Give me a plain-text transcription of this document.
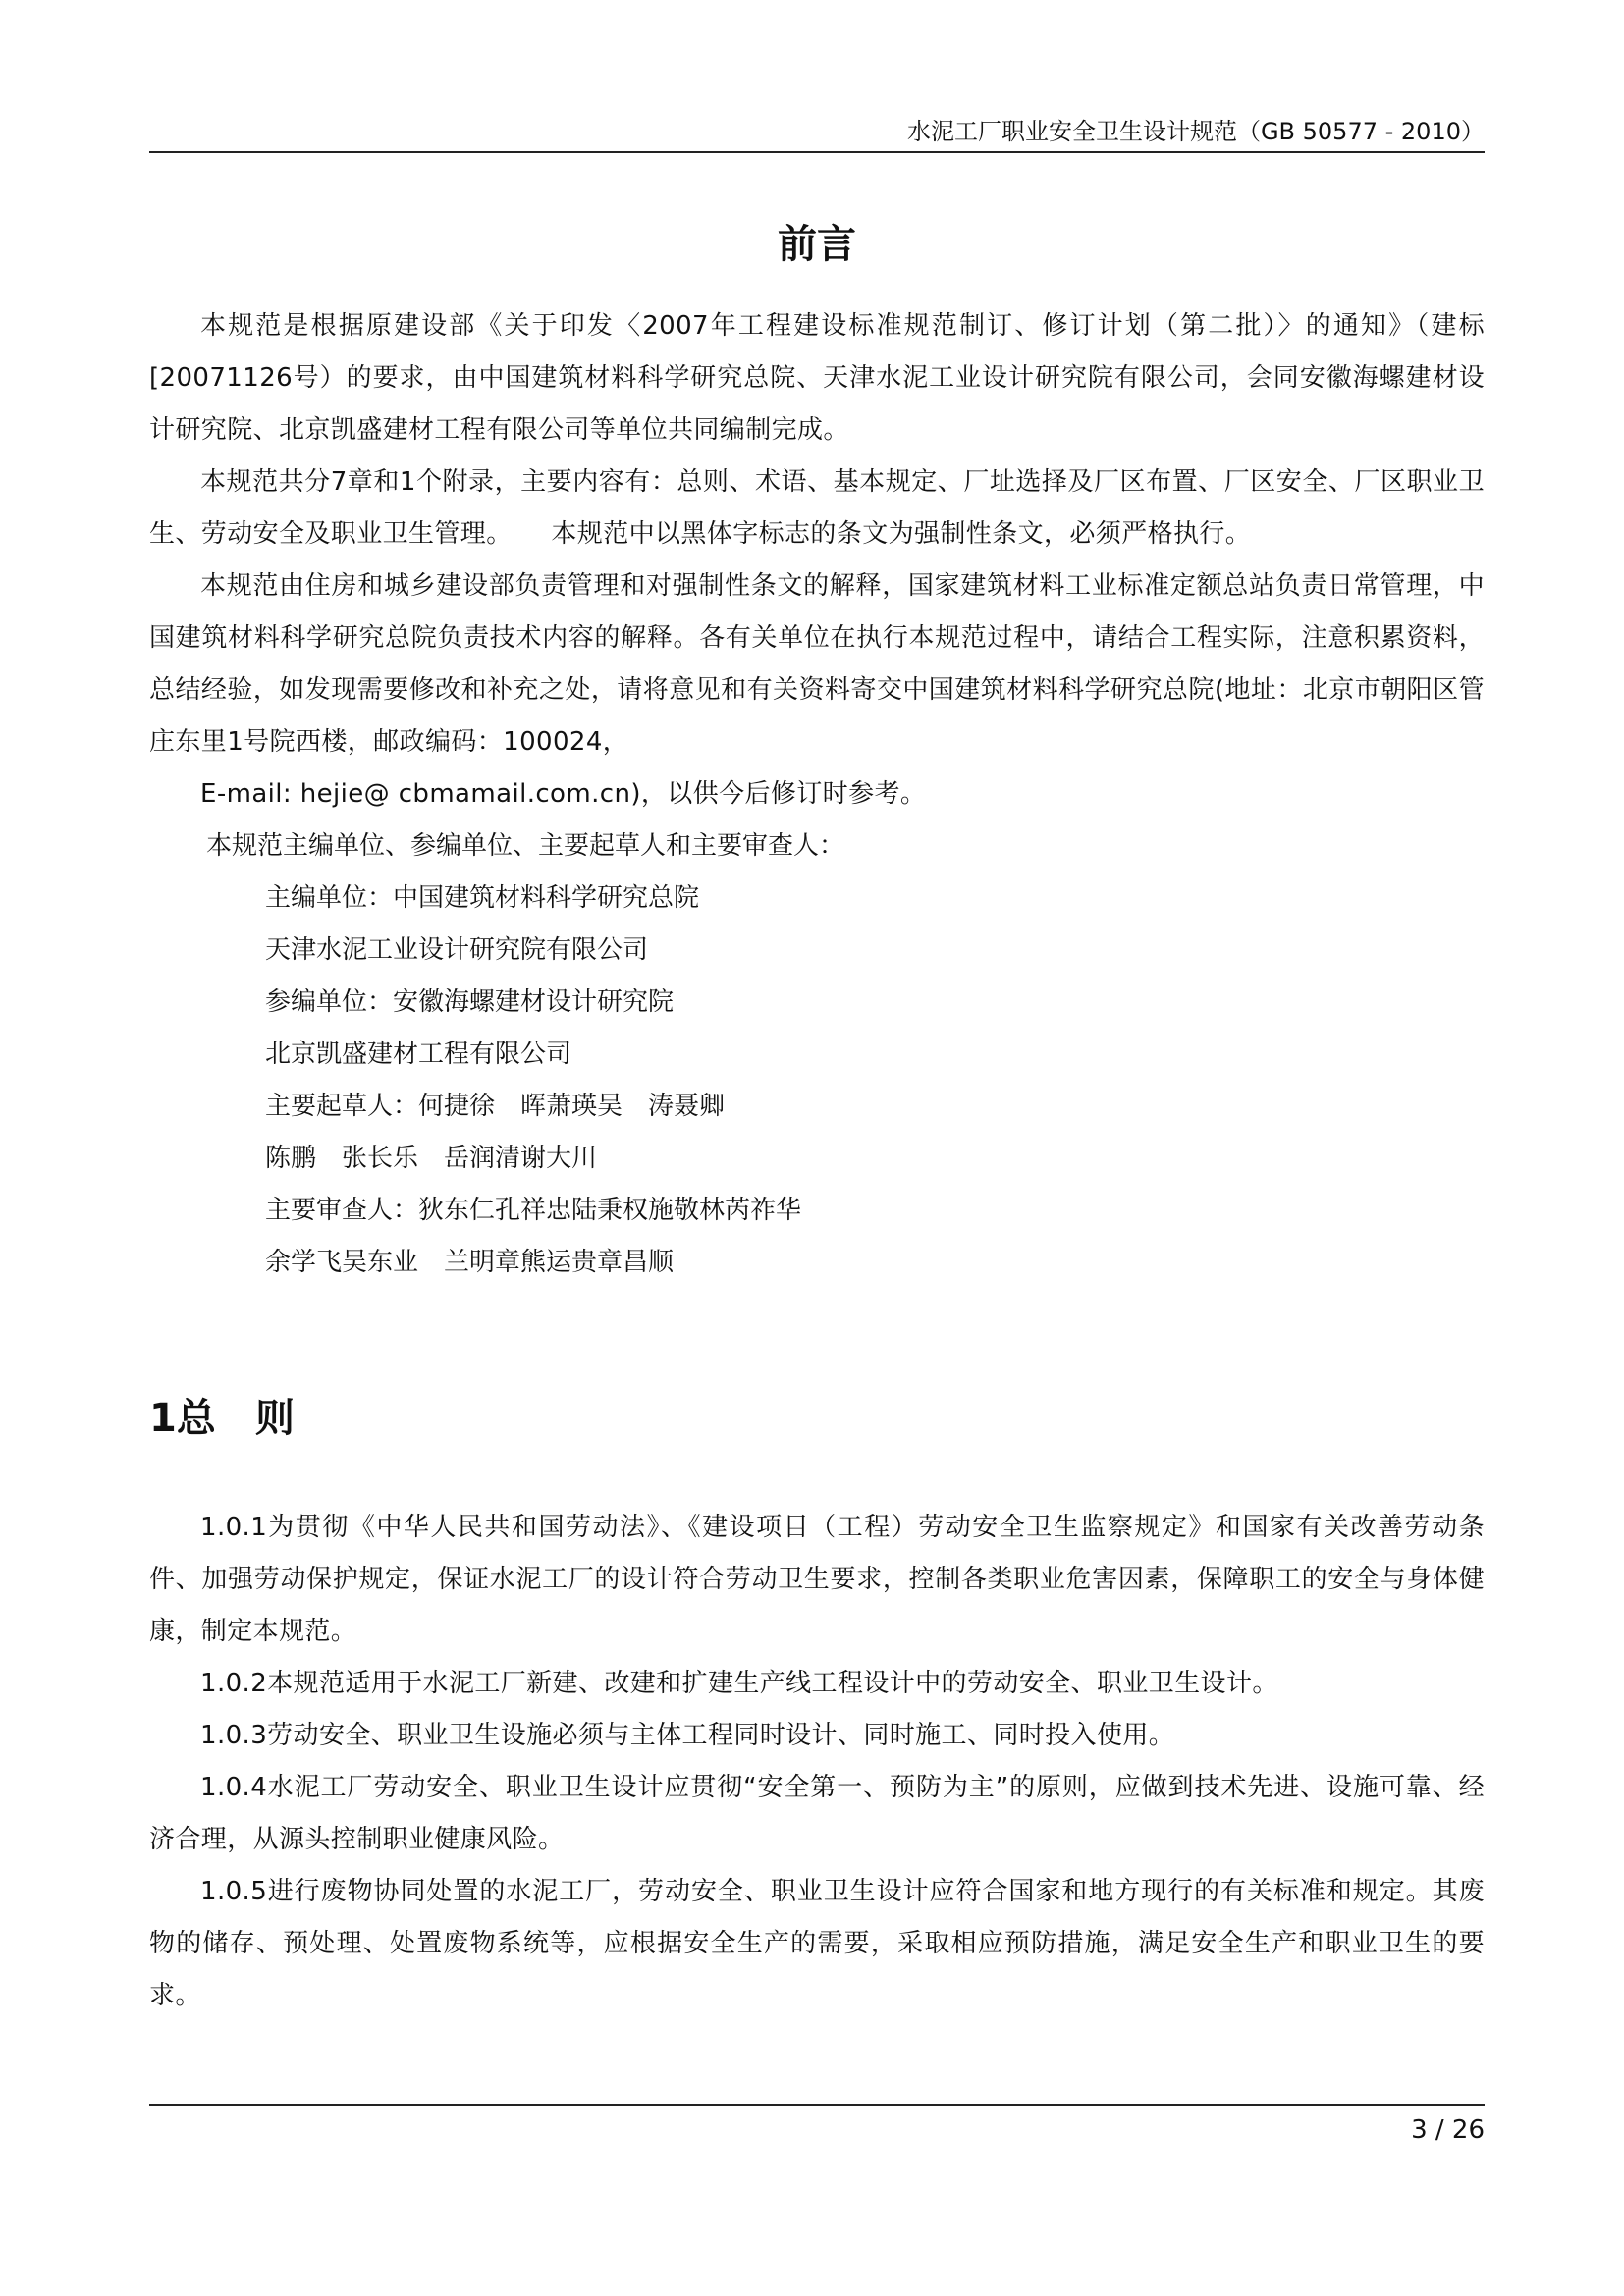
水泥工厂职业安全卫生设计规范（GB 50577 - 2010）
前言

本规范是根据原建设部《关于印发〈2007年工程建设标准规范制订、修订计划（第二批）〉的通知》（建标[20071126号）的要求，由中国建筑材料科学研究总院、天津水泥工业设计研究院有限公司，会同安徽海螺建材设计研究院、北京凯盛建材工程有限公司等单位共同编制完成。

本规范共分7章和1个附录，主要内容有：总则、术语、基本规定、厂址选择及厂区布置、厂区安全、厂区职业卫生、劳动安全及职业卫生管理。　　本规范中以黑体字标志的条文为强制性条文，必须严格执行。

本规范由住房和城乡建设部负责管理和对强制性条文的解释，国家建筑材料工业标准定额总站负责日常管理，中国建筑材料科学研究总院负责技术内容的解释。各有关单位在执行本规范过程中，请结合工程实际，注意积累资料，总结经验，如发现需要修改和补充之处，请将意见和有关资料寄交中国建筑材料科学研究总院(地址：北京市朝阳区管庄东里1号院西楼，邮政编码：100024，

E-mail: hejie@ cbmamail.com.cn)，以供今后修订时参考。

本规范主编单位、参编单位、主要起草人和主要审查人：
主编单位：中国建筑材料科学研究总院
天津水泥工业设计研究院有限公司
参编单位：安徽海螺建材设计研究院
北京凯盛建材工程有限公司
主要起草人：何捷徐　晖萧瑛吴　涛聂卿
陈鹏　张长乐　岳润清谢大川
主要审查人：狄东仁孔祥忠陆秉权施敬林芮祚华
余学飞吴东业　兰明章熊运贵章昌顺
1总　则

1.0.1为贯彻《中华人民共和国劳动法》、《建设项目（工程）劳动安全卫生监察规定》和国家有关改善劳动条件、加强劳动保护规定，保证水泥工厂的设计符合劳动卫生要求，控制各类职业危害因素，保障职工的安全与身体健康，制定本规范。

1.0.2本规范适用于水泥工厂新建、改建和扩建生产线工程设计中的劳动安全、职业卫生设计。

1.0.3劳动安全、职业卫生设施必须与主体工程同时设计、同时施工、同时投入使用。

1.0.4水泥工厂劳动安全、职业卫生设计应贯彻“安全第一、预防为主”的原则，应做到技术先进、设施可靠、经济合理，从源头控制职业健康风险。

1.0.5进行废物协同处置的水泥工厂，劳动安全、职业卫生设计应符合国家和地方现行的有关标准和规定。其废物的储存、预处理、处置废物系统等，应根据安全生产的需要，采取相应预防措施，满足安全生产和职业卫生的要求。

3 / 26
